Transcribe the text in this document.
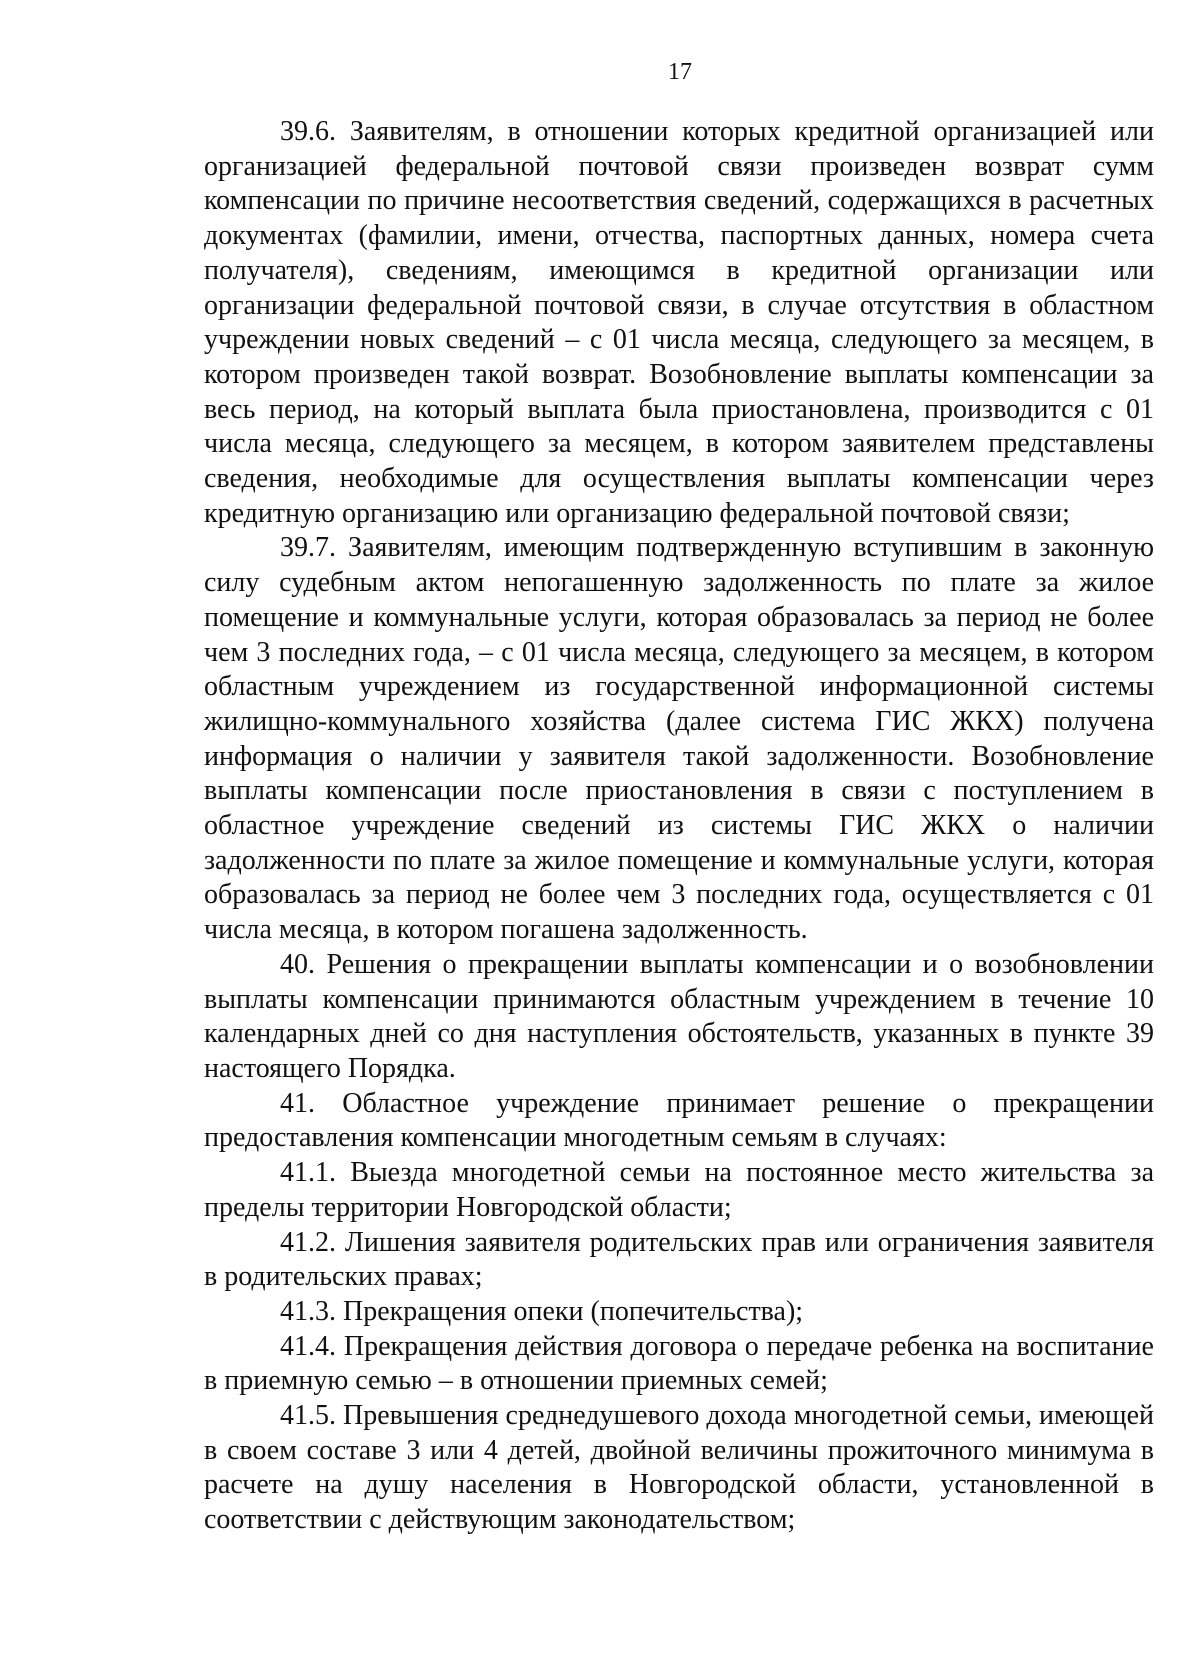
17

39.6. Заявителям, в отношении которых кредитной организацией или организацией федеральной почтовой связи произведен возврат сумм компенсации по причине несоответствия сведений, содержащихся в расчетных документах (фамилии, имени, отчества, паспортных данных, номера счета получателя), сведениям, имеющимся в кредитной организации или организации федеральной почтовой связи, в случае отсутствия в областном учреждении новых сведений – с 01 числа месяца, следующего за месяцем, в котором произведен такой возврат. Возобновление выплаты компенсации за весь период, на который выплата была приостановлена, производится с 01 числа месяца, следующего за месяцем, в котором заявителем представлены сведения, необходимые для осуществления выплаты компенсации через кредитную организацию или организацию федеральной почтовой связи;

39.7. Заявителям, имеющим подтвержденную вступившим в законную силу судебным актом непогашенную задолженность по плате за жилое помещение и коммунальные услуги, которая образовалась за период не более чем 3 последних года, – с 01 числа месяца, следующего за месяцем, в котором областным учреждением из государственной информационной системы жилищно-коммунального хозяйства (далее система ГИС ЖКХ) получена информация о наличии у заявителя такой задолженности. Возобновление выплаты компенсации после приостановления в связи с поступлением в областное учреждение сведений из системы ГИС ЖКХ о наличии задолженности по плате за жилое помещение и коммунальные услуги, которая образовалась за период не более чем 3 последних года, осуществляется с 01 числа месяца, в котором погашена задолженность.

40. Решения о прекращении выплаты компенсации и о возобновлении выплаты компенсации принимаются областным учреждением в течение 10 календарных дней со дня наступления обстоятельств, указанных в пункте 39 настоящего Порядка.

41. Областное учреждение принимает решение о прекращении предоставления компенсации многодетным семьям в случаях:

41.1. Выезда многодетной семьи на постоянное место жительства за пределы территории Новгородской области;

41.2. Лишения заявителя родительских прав или ограничения заявителя в родительских правах;

41.3. Прекращения опеки (попечительства);

41.4. Прекращения действия договора о передаче ребенка на воспитание в приемную семью – в отношении приемных семей;

41.5. Превышения среднедушевого дохода многодетной семьи, имеющей в своем составе 3 или 4 детей, двойной величины прожиточного минимума в расчете на душу населения в Новгородской области, установленной в соответствии с действующим законодательством;
